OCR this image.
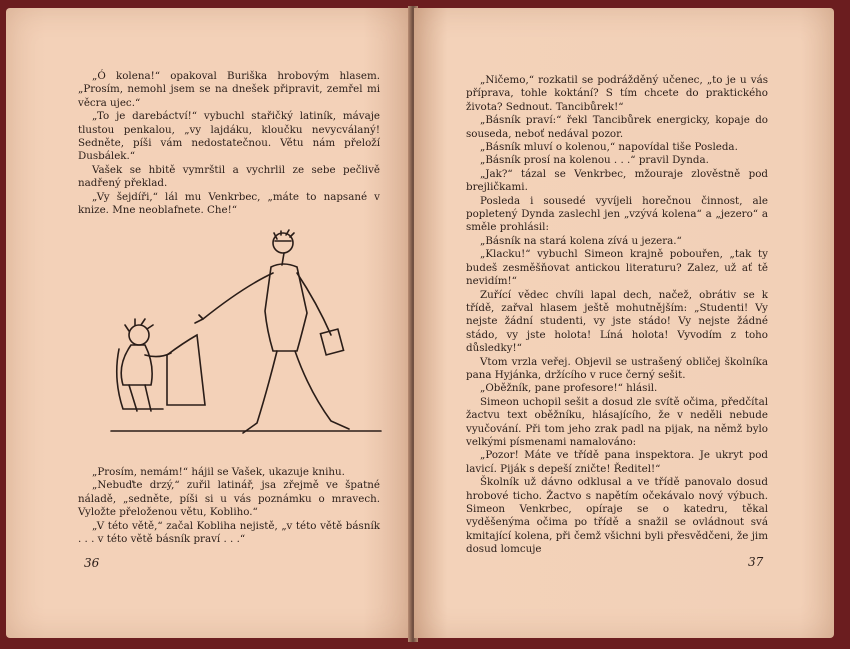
„Ó kolena!“ opakoval Buriška hrobovým hlasem. „Prosím, nemohl jsem se na dnešek připravit, zemřel mi věcra ujec.“

„To je darebáctví!“ vybuchl stařičký latiník, mávaje tlustou penkalou, „vy lajdáku, kloučku nevycválaný! Sedněte, píši vám nedostatečnou. Větu nám přeloží Dusbálek.“

Vašek se hbitě vymrštil a vychrlil ze sebe pečlivě nadřený překlad.

„Vy šejdíři,“ lál mu Venkrbec, „máte to napsané v knize. Mne neoblafnete. Che!“

„Prosím, nemám!“ hájil se Vašek, ukazuje knihu.

„Nebuďte drzý,“ zuřil latinář, jsa zřejmě ve špatné náladě, „sedněte, píši si u vás poznámku o mravech. Vyložte přeloženou větu, Kobliho.“

„V této větě,“ začal Kobliha nejistě, „v této větě básník . . . v této větě básník praví . . .“

36

„Ničemo,“ rozkatil se podrážděný učenec, „to je u vás příprava, tohle koktání? S tím chcete do praktického života? Sednout. Tancibůrek!“

„Básník praví:“ řekl Tancibůrek energicky, kopaje do souseda, neboť nedával pozor.

„Básník mluví o kolenou,“ napovídal tiše Posleda.

„Básník prosí na kolenou . . .“ pravil Dynda.

„Jak?“ tázal se Venkrbec, mžouraje zlověstně pod brejličkami.

Posleda i sousedé vyvíjeli horečnou činnost, ale popletený Dynda zaslechl jen „vzývá kolena“ a „jezero“ a směle prohlásil:

„Básník na stará kolena zívá u jezera.“

„Klacku!“ vybuchl Simeon krajně pobouřen, „tak ty budeš zesměšňovat antickou literaturu? Zalez, už ať tě nevidím!“

Zuřící vědec chvíli lapal dech, načež, obrátiv se k třídě, zařval hlasem ještě mohutnějším: „Studenti! Vy nejste žádní studenti, vy jste stádo! Vy nejste žádné stádo, vy jste holota! Líná holota! Vyvodím z toho důsledky!“

Vtom vrzla veřej. Objevil se ustrašený obličej školníka pana Hyjánka, držícího v ruce černý sešit.

„Oběžník, pane profesore!“ hlásil.

Simeon uchopil sešit a dosud zle svítě očima, předčítal žactvu text oběžníku, hlásajícího, že v neděli nebude vyučování. Při tom jeho zrak padl na pijak, na němž bylo velkými písmenami namalováno:

„Pozor! Máte ve třídě pana inspektora. Je ukryt pod lavicí. Piják s depeší zničte! Ředitel!“

Školník už dávno odklusal a ve třídě panovalo dosud hrobové ticho. Žactvo s napětím očekávalo nový výbuch. Simeon Venkrbec, opíraje se o katedru, těkal vyděšenýma očima po třídě a snažil se ovládnout svá kmitající kolena, při čemž všichni byli přesvědčeni, že jim dosud lomcuje

37
